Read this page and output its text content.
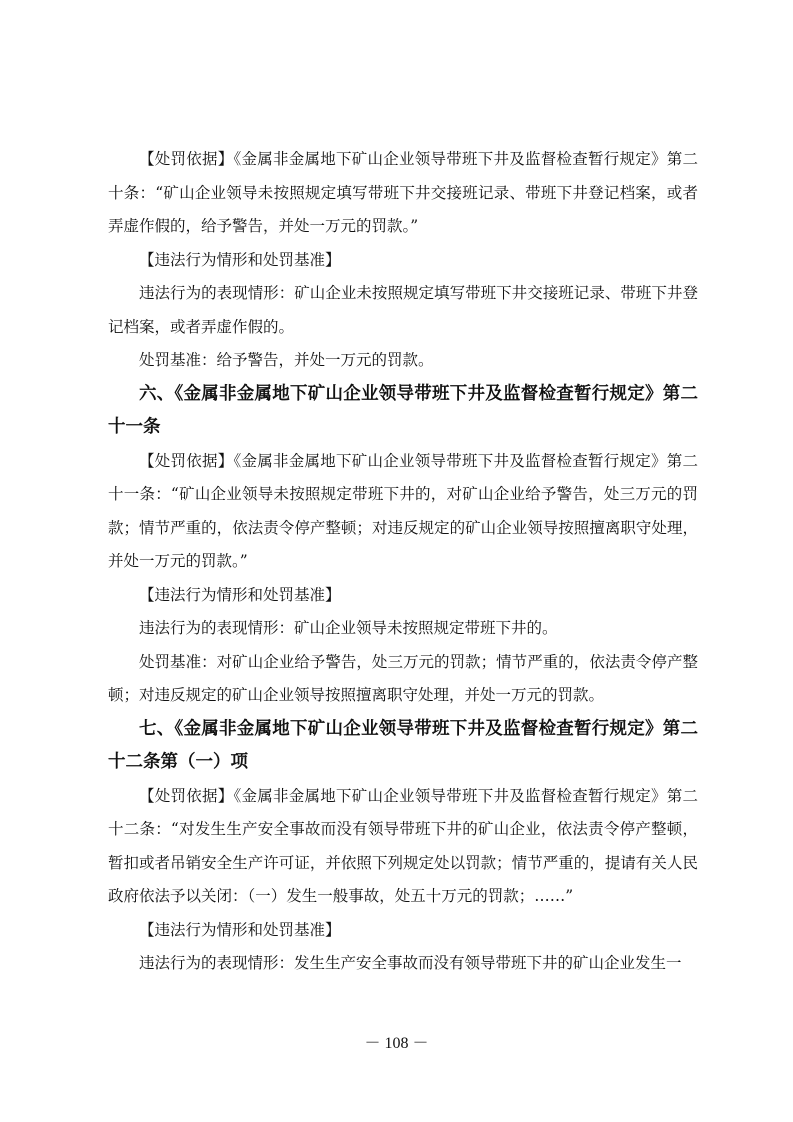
【处罚依据】《金属非金属地下矿山企业领导带班下井及监督检查暂行规定》第二十条：“矿山企业领导未按照规定填写带班下井交接班记录、带班下井登记档案，或者弄虚作假的，给予警告，并处一万元的罚款。”

【违法行为情形和处罚基准】

违法行为的表现情形：矿山企业未按照规定填写带班下井交接班记录、带班下井登记档案，或者弄虚作假的。

处罚基准：给予警告，并处一万元的罚款。

六、《金属非金属地下矿山企业领导带班下井及监督检查暂行规定》第二十一条

【处罚依据】《金属非金属地下矿山企业领导带班下井及监督检查暂行规定》第二十一条：“矿山企业领导未按照规定带班下井的，对矿山企业给予警告，处三万元的罚款；情节严重的，依法责令停产整顿；对违反规定的矿山企业领导按照擅离职守处理，并处一万元的罚款。”

【违法行为情形和处罚基准】

违法行为的表现情形：矿山企业领导未按照规定带班下井的。

处罚基准：对矿山企业给予警告，处三万元的罚款；情节严重的，依法责令停产整顿；对违反规定的矿山企业领导按照擅离职守处理，并处一万元的罚款。

七、《金属非金属地下矿山企业领导带班下井及监督检查暂行规定》第二十二条第（一）项

【处罚依据】《金属非金属地下矿山企业领导带班下井及监督检查暂行规定》第二十二条：“对发生生产安全事故而没有领导带班下井的矿山企业，依法责令停产整顿，暂扣或者吊销安全生产许可证，并依照下列规定处以罚款；情节严重的，提请有关人民政府依法予以关闭：（一）发生一般事故，处五十万元的罚款；……”

【违法行为情形和处罚基准】

违法行为的表现情形：发生生产安全事故而没有领导带班下井的矿山企业发生一

－ 108 －
